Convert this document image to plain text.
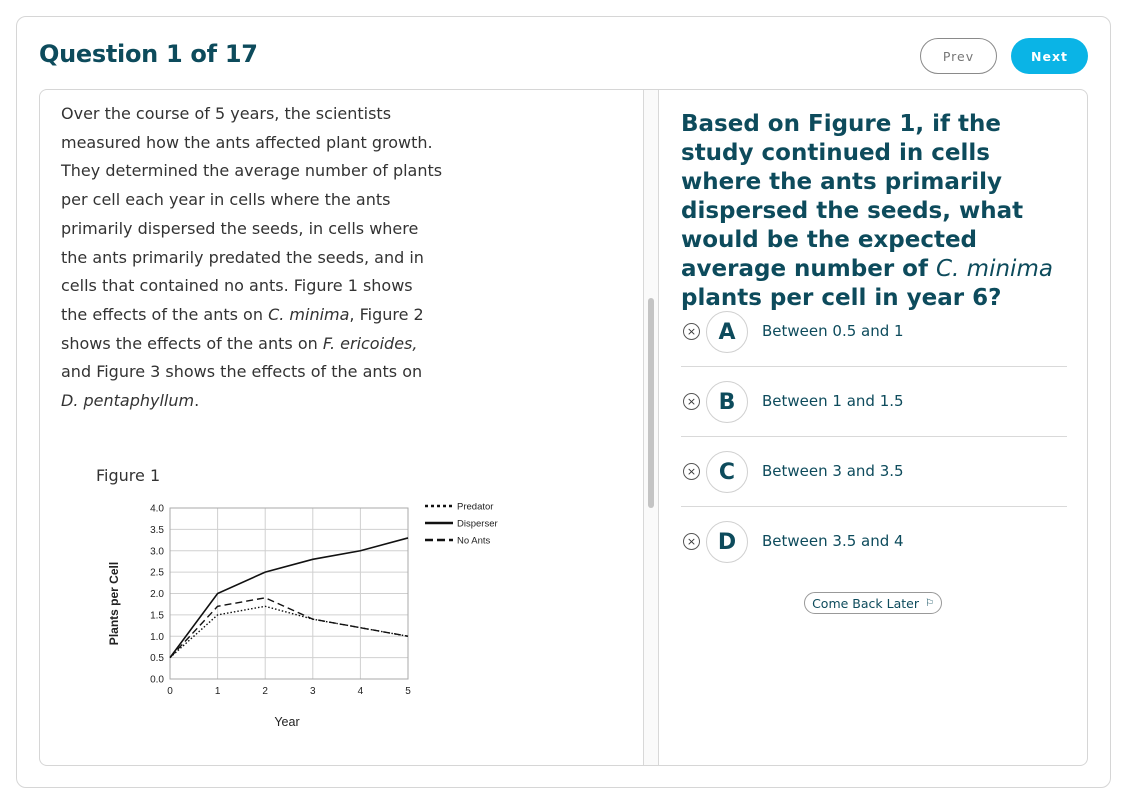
Question 1 of 17	Prev	Next
Over the course of 5 years, the scientists
measured how the ants affected plant growth.
They determined the average number of plants
per cell each year in cells where the ants
primarily dispersed the seeds, in cells where
the ants primarily predated the seeds, and in
cells that contained no ants. Figure 1 shows
the effects of the ants on C. minima, Figure 2
shows the effects of the ants on F. ericoides,
and Figure 3 shows the effects of the ants on
D. pentaphyllum.
Figure 1
0.0
0.5
1.0
1.5
2.0
2.5
3.0
3.5
4.0
0	1	2	3	4	5
Year
Plants per Cell
Predator
Disperser
No Ants
Based on Figure 1, if the study continued in cells where the ants primarily dispersed the seeds, what would be the expected average number of C. minima plants per cell in year 6?
×	A	Between 0.5 and 1
×	B	Between 1 and 1.5
×	C	Between 3 and 3.5
× D	Between 3.5 and 4
Come Back Later ⚐
